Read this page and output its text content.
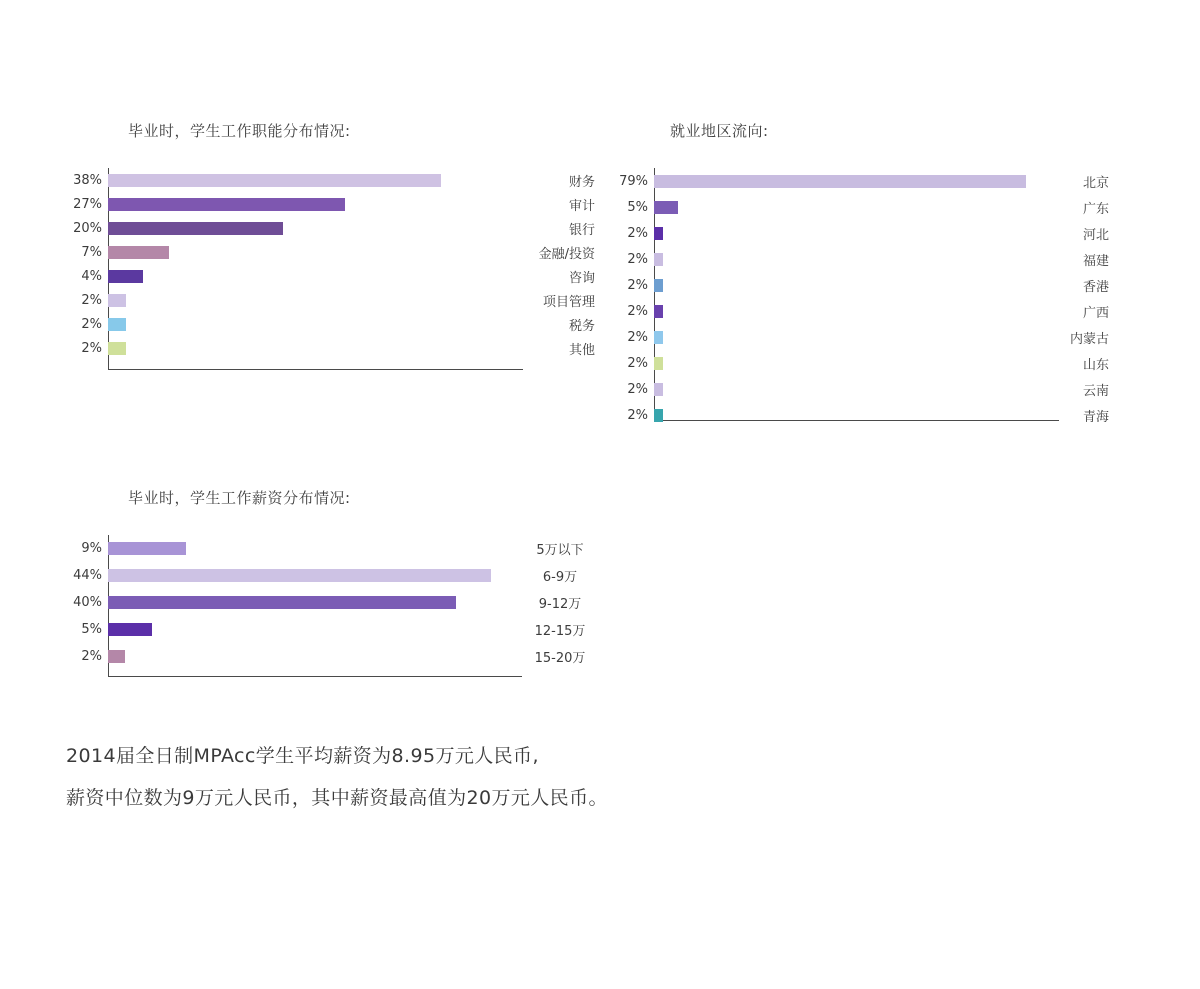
毕业时，学生工作职能分布情况:
38%	财务
27%	审计
20%	银行
7%	金融/投资
4%	咨询
2%	项目管理
2%	税务
2%	其他
就业地区流向:
79%	北京
5%	广东
2%	河北
2%	福建
2%	香港
2%	广西
2%	内蒙古
2%	山东
2%	云南
2%	青海
毕业时，学生工作薪资分布情况:
9%	5万以下
44%	6-9万
40%	9-12万
5%	12-15万
2%	15-20万
2014届全日制MPAcc学生平均薪资为8.95万元人民币,
薪资中位数为9万元人民币，其中薪资最高值为20万元人民币。
